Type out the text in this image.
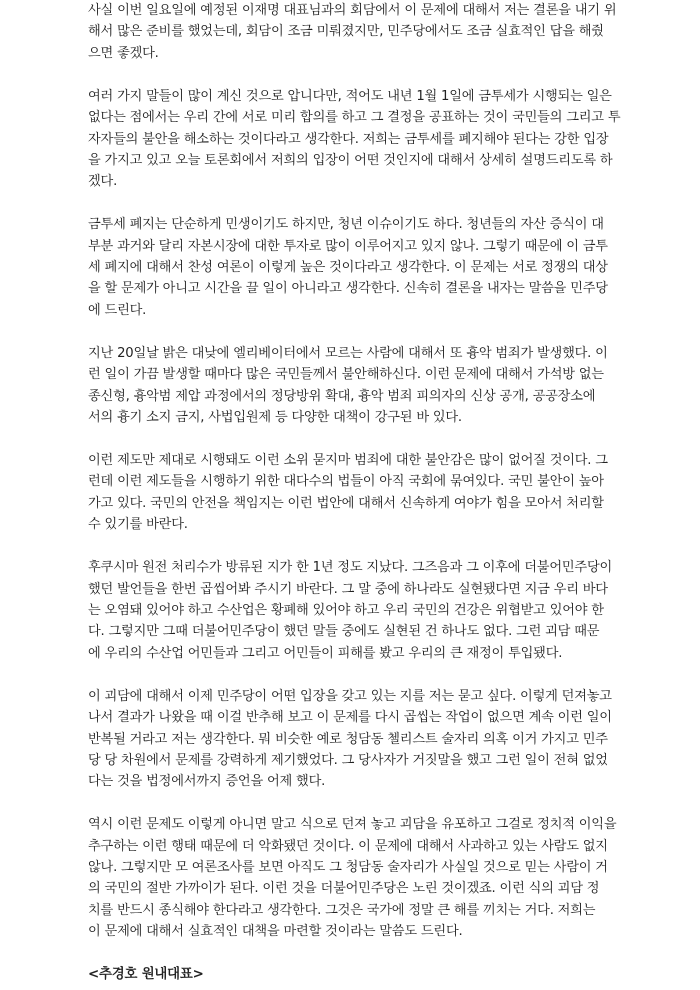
사실 이번 일요일에 예정된 이재명 대표님과의 회담에서 이 문제에 대해서 저는 결론을 내기 위
해서 많은 준비를 했었는데, 회담이 조금 미뤄졌지만, 민주당에서도 조금 실효적인 답을 해줬
으면 좋겠다.
여러 가지 말들이 많이 계신 것으로 압니다만, 적어도 내년 1월 1일에 금투세가 시행되는 일은
없다는 점에서는 우리 간에 서로 미리 합의를 하고 그 결정을 공표하는 것이 국민들의 그리고 투
자자들의 불안을 해소하는 것이다라고 생각한다. 저희는 금투세를 폐지해야 된다는 강한 입장
을 가지고 있고 오늘 토론회에서 저희의 입장이 어떤 것인지에 대해서 상세히 설명드리도록 하
겠다.
금투세 폐지는 단순하게 민생이기도 하지만, 청년 이슈이기도 하다. 청년들의 자산 증식이 대
부분 과거와 달리 자본시장에 대한 투자로 많이 이루어지고 있지 않나. 그렇기 때문에 이 금투
세 폐지에 대해서 찬성 여론이 이렇게 높은 것이다라고 생각한다. 이 문제는 서로 정쟁의 대상
을 할 문제가 아니고 시간을 끌 일이 아니라고 생각한다. 신속히 결론을 내자는 말씀을 민주당
에 드린다.
지난 20일날 밝은 대낮에 엘리베이터에서 모르는 사람에 대해서 또 흉악 범죄가 발생했다. 이
런 일이 가끔 발생할 때마다 많은 국민들께서 불안해하신다. 이런 문제에 대해서 가석방 없는
종신형, 흉악범 제압 과정에서의 정당방위 확대, 흉악 범죄 피의자의 신상 공개, 공공장소에
서의 흉기 소지 금지, 사법입원제 등 다양한 대책이 강구된 바 있다.
이런 제도만 제대로 시행돼도 이런 소위 묻지마 범죄에 대한 불안감은 많이 없어질 것이다. 그
런데 이런 제도들을 시행하기 위한 대다수의 법들이 아직 국회에 묶여있다. 국민 불안이 높아
가고 있다. 국민의 안전을 책임지는 이런 법안에 대해서 신속하게 여야가 힘을 모아서 처리할
수 있기를 바란다.
후쿠시마 원전 처리수가 방류된 지가 한 1년 정도 지났다. 그즈음과 그 이후에 더불어민주당이
했던 발언들을 한번 곱씹어봐 주시기 바란다. 그 말 중에 하나라도 실현됐다면 지금 우리 바다
는 오염돼 있어야 하고 수산업은 황폐해 있어야 하고 우리 국민의 건강은 위협받고 있어야 한
다. 그렇지만 그때 더불어민주당이 했던 말들 중에도 실현된 건 하나도 없다. 그런 괴담 때문
에 우리의 수산업 어민들과 그리고 어민들이 피해를 봤고 우리의 큰 재정이 투입됐다.
이 괴담에 대해서 이제 민주당이 어떤 입장을 갖고 있는 지를 저는 묻고 싶다. 이렇게 던져놓고
나서 결과가 나왔을 때 이걸 반추해 보고 이 문제를 다시 곱씹는 작업이 없으면 계속 이런 일이
반복될 거라고 저는 생각한다. 뭐 비슷한 예로 청담동 첼리스트 술자리 의혹 이거 가지고 민주
당 당 차원에서 문제를 강력하게 제기했었다. 그 당사자가 거짓말을 했고 그런 일이 전혀 없었
다는 것을 법정에서까지 증언을 어제 했다.
역시 이런 문제도 이렇게 아니면 말고 식으로 던져 놓고 괴담을 유포하고 그걸로 정치적 이익을
추구하는 이런 행태 때문에 더 악화됐던 것이다. 이 문제에 대해서 사과하고 있는 사람도 없지
않나. 그렇지만 모 여론조사를 보면 아직도 그 청담동 술자리가 사실일 것으로 믿는 사람이 거
의 국민의 절반 가까이가 된다. 이런 것을 더불어민주당은 노린 것이겠죠. 이런 식의 괴담 정
치를 반드시 종식해야 한다라고 생각한다. 그것은 국가에 정말 큰 해를 끼치는 거다. 저희는
이 문제에 대해서 실효적인 대책을 마련할 것이라는 말씀도 드린다.
<추경호 원내대표>
